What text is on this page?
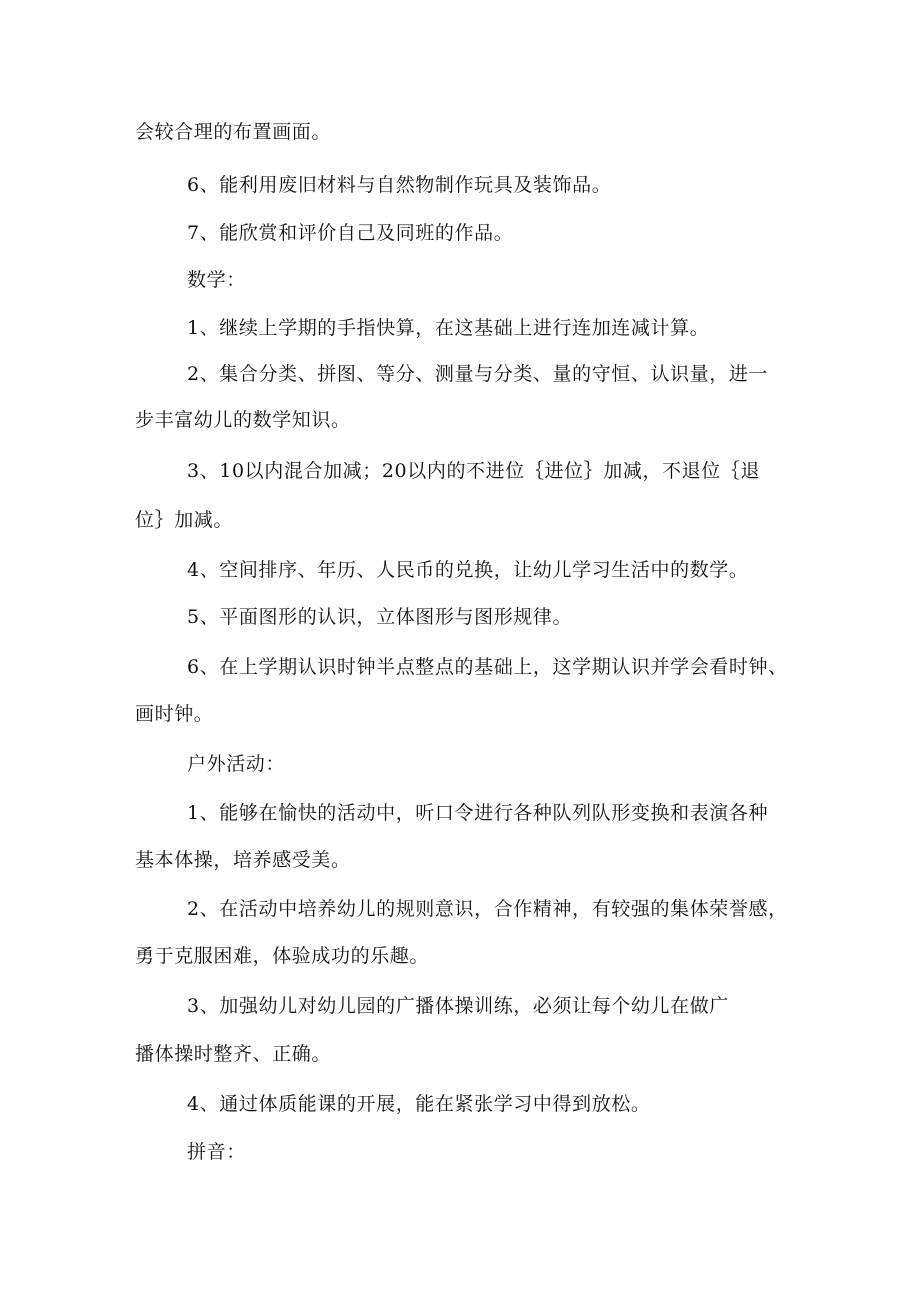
会较合理的布置画面。
6、能利用废旧材料与自然物制作玩具及装饰品。
7、能欣赏和评价自己及同班的作品。
数学：
1、继续上学期的手指快算，在这基础上进行连加连减计算。
2、集合分类、拼图、等分、测量与分类、量的守恒、认识量，进一
步丰富幼儿的数学知识。
3、10以内混合加减；20以内的不进位｛进位｝加减，不退位｛退
位｝加减。
4、空间排序、年历、人民币的兑换，让幼儿学习生活中的数学。
5、平面图形的认识，立体图形与图形规律。
6、在上学期认识时钟半点整点的基础上，这学期认识并学会看时钟、
画时钟。
户外活动：
1、能够在愉快的活动中，听口令进行各种队列队形变换和表演各种
基本体操，培养感受美。
2、在活动中培养幼儿的规则意识，合作精神，有较强的集体荣誉感，
勇于克服困难，体验成功的乐趣。
3、加强幼儿对幼儿园的广播体操训练，必须让每个幼儿在做广
播体操时整齐、正确。
4、通过体质能课的开展，能在紧张学习中得到放松。
拼音：
